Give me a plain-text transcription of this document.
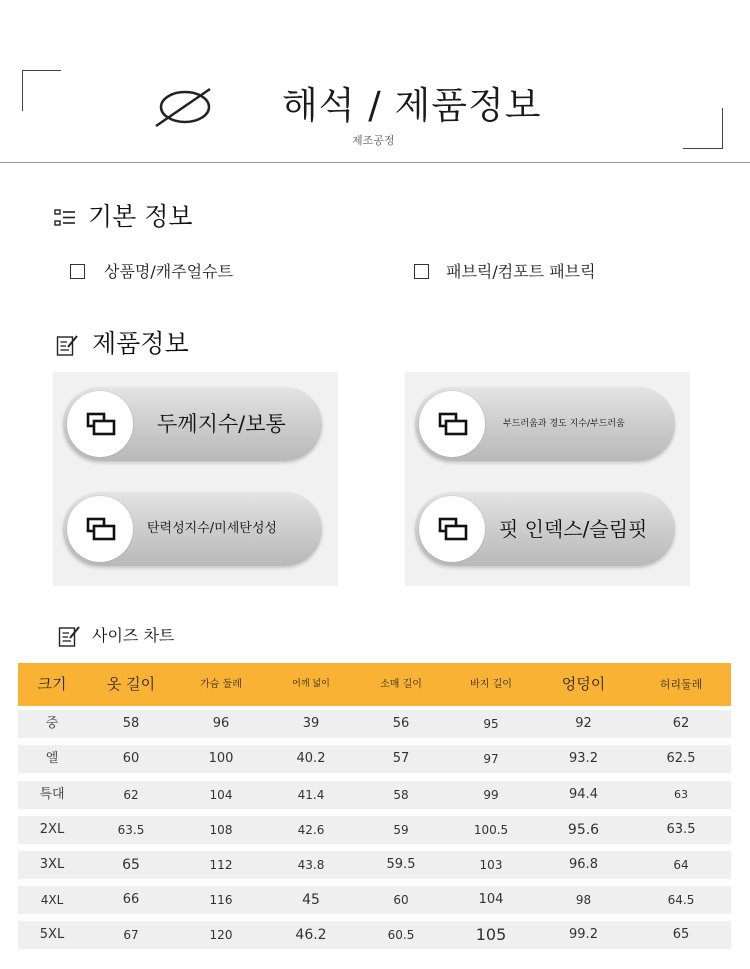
해석 / 제품정보
제조공정
기본 정보
상품명/캐주얼슈트	패브릭/컴포트 패브릭
제품정보
두께지수/보통	부드러움과 경도 지수/부드러움
탄력성지수/미세탄성성	핏 인덱스/슬림핏
사이즈 차트
크기	옷 길이	가슴 둘레	어깨 넓이	소매 길이	바지 길이	엉덩이	허리둘레
중	58	96	39	56	95	92	62
엘	60	100	40.2	57	97	93.2	62.5
특대	62	104	41.4	58	99	94.4	63
2XL	63.5	108	42.6	59	100.5	95.6	63.5
3XL	65	112	43.8	59.5	103	96.8	64
4XL	66	116	45	60	104	98	64.5
5XL	67	120	46.2	60.5	105	99.2	65
